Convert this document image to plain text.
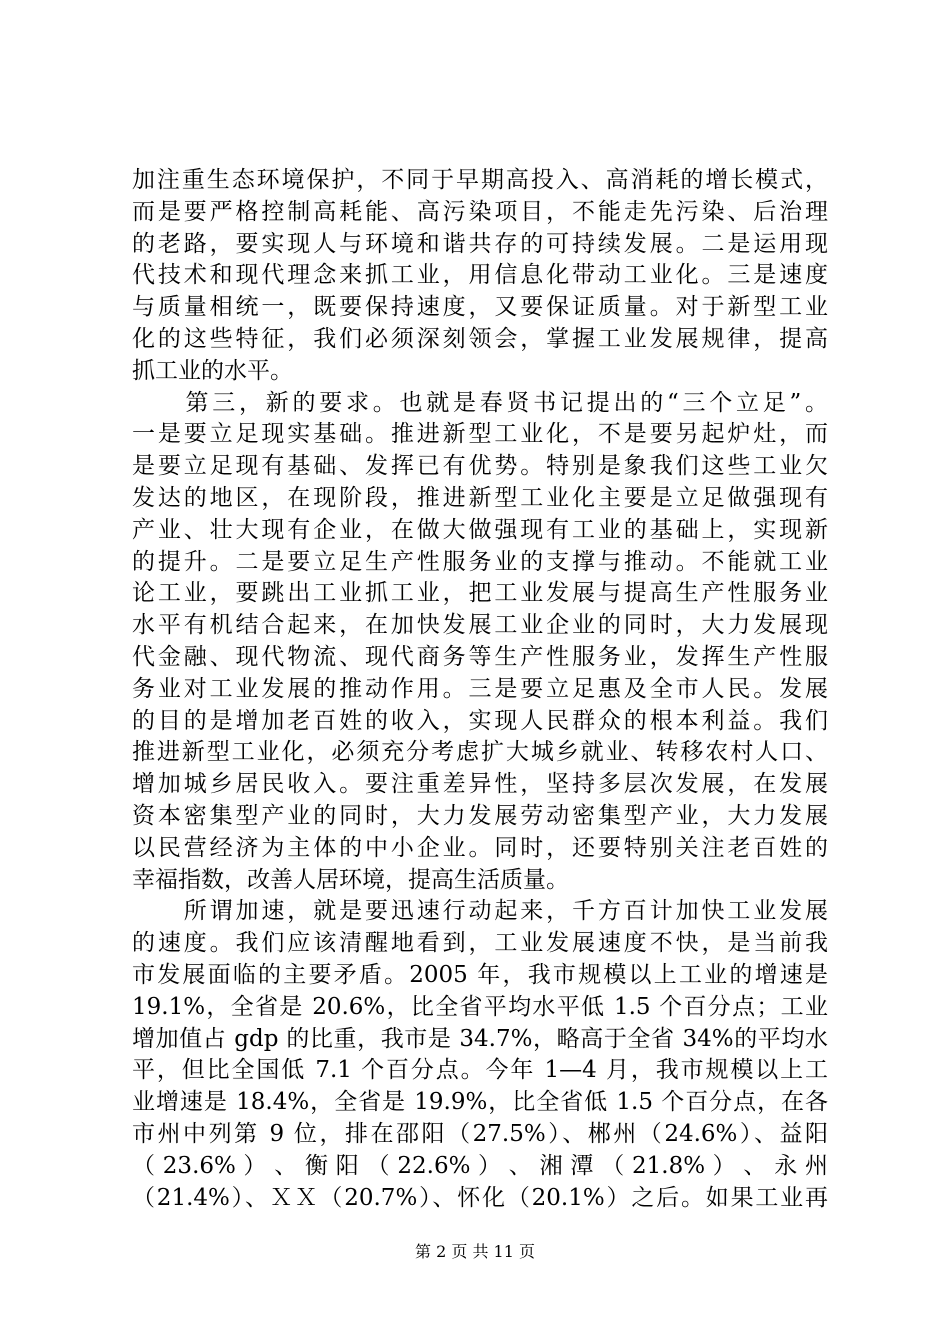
加注重生态环境保护，不同于早期高投入、高消耗的增长模式，
而是要严格控制高耗能、高污染项目，不能走先污染、后治理
的老路，要实现人与环境和谐共存的可持续发展。二是运用现
代技术和现代理念来抓工业，用信息化带动工业化。三是速度
与质量相统一，既要保持速度，又要保证质量。对于新型工业
化的这些特征，我们必须深刻领会，掌握工业发展规律，提高
抓工业的水平。
　　第三，新的要求。也就是春贤书记提出的“三个立足”。
一是要立足现实基础。推进新型工业化，不是要另起炉灶，而
是要立足现有基础、发挥已有优势。特别是象我们这些工业欠
发达的地区，在现阶段，推进新型工业化主要是立足做强现有
产业、壮大现有企业，在做大做强现有工业的基础上，实现新
的提升。二是要立足生产性服务业的支撑与推动。不能就工业
论工业，要跳出工业抓工业，把工业发展与提高生产性服务业
水平有机结合起来，在加快发展工业企业的同时，大力发展现
代金融、现代物流、现代商务等生产性服务业，发挥生产性服
务业对工业发展的推动作用。三是要立足惠及全市人民。发展
的目的是增加老百姓的收入，实现人民群众的根本利益。我们
推进新型工业化，必须充分考虑扩大城乡就业、转移农村人口、
增加城乡居民收入。要注重差异性，坚持多层次发展，在发展
资本密集型产业的同时，大力发展劳动密集型产业，大力发展
以民营经济为主体的中小企业。同时，还要特别关注老百姓的
幸福指数，改善人居环境，提高生活质量。
　　所谓加速，就是要迅速行动起来，千方百计加快工业发展
的速度。我们应该清醒地看到，工业发展速度不快，是当前我
市发展面临的主要矛盾。2005 年，我市规模以上工业的增速是
19.1%，全省是 20.6%，比全省平均水平低 1.5 个百分点；工业
增加值占 gdp 的比重，我市是 34.7%，略高于全省 34%的平均水
平，但比全国低 7.1 个百分点。今年 1—4 月，我市规模以上工
业增速是 18.4%，全省是 19.9%，比全省低 1.5 个百分点，在各
市州中列第 9 位，排在邵阳（27.5%）、郴州（24.6%）、益阳
（ 23.6% ） 、 衡 阳 （ 22.6% ） 、 湘 潭 （ 21.8% ） 、 永 州
（21.4%）、ＸＸ（20.7%）、怀化（20.1%）之后。如果工业再
第 2 页 共 11 页
